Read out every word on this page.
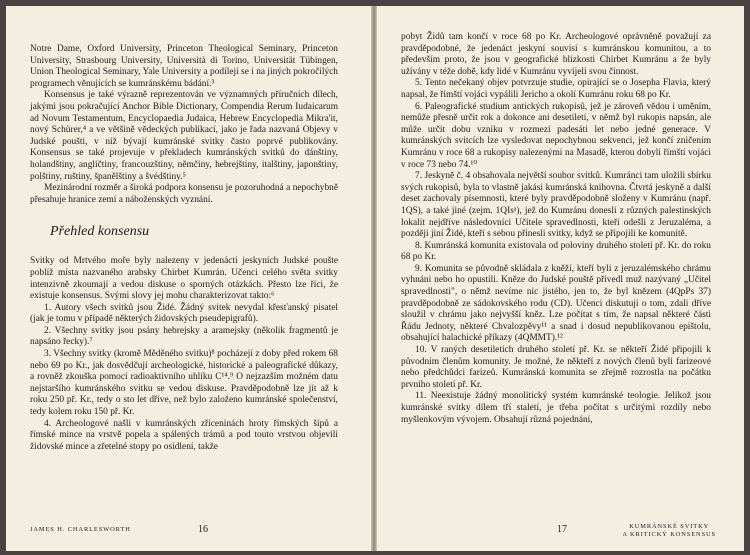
Notre Dame, Oxford University, Princeton Theological Seminary, Princeton University, Strasbourg University, Università di Torino, Universität Tübingen, Union Theological Seminary, Yale University a podílejí se i na jiných pokročilých programech věnujících se kumránskému bádání.³

Konsensus je také výrazně reprezentován ve významných příručních dílech, jakými jsou pokračující Anchor Bible Dictionary, Compendia Rerum Iudaicarum ad Novum Testamentum, Encyclopaedia Judaica, Hebrew Encyclopedia Mikra'it, nový Schürer,⁴ a ve většině vědeckých publikací, jako je řada nazvaná Objevy v Judské poušti, v níž bývají kumránské svitky často poprvé publikovány. Konsensus se také projevuje v překladech kumránských svitků do dánštiny, holandštiny, angličtiny, francouzštiny, němčiny, hebrejštiny, italštiny, japonštiny, polštiny, ruštiny, španělštiny a švédštiny.⁵

Mezinárodní rozměr a široká podpora konsensu je pozoruhodná a nepochybně přesahuje hranice zemí a náboženských vyznání.

Přehled konsensu

Svitky od Mrtvého moře byly nalezeny v jedenácti jeskyních Judské poušte poblíž místa nazvaného arabsky Chirbet Kumrán. Učenci celého světa svitky intenzivně zkoumají a vedou diskuse o sporných otázkách. Přesto lze říci, že existuje konsensus. Svými slovy jej mohu charakterizovat takto:⁶

1. Autory všech svitků jsou Židé. Žádný svitek nevydal křesťanský pisatel (jak je tomu v případě některých židovských pseudepigrafů).

2. Všechny svitky jsou psány hebrejsky a aramejsky (několik fragmentů je napsáno řecky).⁷

3. Všechny svitky (kromě Měděného svitku)⁸ pocházejí z doby před rokem 68 nebo 69 po Kr., jak dosvědčují archeologické, historické a paleografické důkazy, a rovněž zkouška pomocí radioaktivního uhlíku C¹⁴.⁹ O nejzazším možném datu nejstaršího kumránského svitku se vedou diskuse. Pravděpodobně lze jít až k roku 250 př. Kr., tedy o sto let dříve, než bylo založeno kumránské společenství, tedy kolem roku 150 př. Kr.

4. Archeologové našli v kumránských zříceninách hroty římských šípů a římské mince na vrstvě popela a spálených trámů a pod touto vrstvou objevili židovské mince a zřetelné stopy po osídlení, takže

JAMES H. CHARLESWORTH	16

pobyt Židů tam končí v roce 68 po Kr. Archeologové oprávněně považují za pravděpodobné, že jedenáct jeskyní souvisí s kumránskou komunitou, a to především proto, že jsou v geografické blízkosti Chirbet Kumránu a že byly užívány v téže době, kdy lidé v Kumránu vyvíjeli svou činnost.

5. Tento nečekaný objev potvrzuje studie, opírající se o Josepha Flavia, který napsal, že římští vojáci vypálili Jericho a okolí Kumránu roku 68 po Kr.

6. Paleografické studium antických rukopisů, jež je zároveň vědou i uměním, nemůže přesně určit rok a dokonce ani desetiletí, v němž byl rukopis napsán, ale může určit dobu vzniku v rozmezí padesáti let nebo jedné generace. V kumránských svitcích lze vysledovat nepochybnou sekvenci, jež končí zničením Kumránu v roce 68 a rukopisy nalezenými na Masadě, kterou dobyli římští vojáci v roce 73 nebo 74.¹⁰

7. Jeskyně č. 4 obsahovala největší soubor svitků. Kumránci tam uložili sbírku svých rukopisů, byla to vlastně jakási kumránská knihovna. Čtvrtá jeskyně a další deset zachovaly písemnosti, které byly pravděpodobně složeny v Kumránu (např. 1QS), a také jiné (zejm. 1QIsᵃ), jež do Kumránu donesli z různých palestinských lokalit nejdříve následovníci Učitele spravedlnosti, kteří odešli z Jeruzaléma, a později jiní Židé, kteří s sebou přinesli svitky, když se připojili ke komunitě.

8. Kumránská komunita existovala od poloviny druhého století př. Kr. do roku 68 po Kr.

9. Komunita se původně skládala z kněží, kteří byli z jeruzalémského chrámu vyhnáni nebo ho opustili. Kněze do Judské pouště přivedl muž nazývaný „Učitel spravedlnosti", o němž nevíme nic jistého, jen to, že byl knězem (4QpPs 37) pravděpodobně ze sádokovského rodu (CD). Učenci diskutují o tom, zdali dříve sloužil v chrámu jako nejvyšší kněz. Lze počítat s tím, že napsal některé části Řádu Jednoty, některé Chvalozpěvy¹¹ a snad i dosud nepublikovanou epištolu, obsahující halachické příkazy (4QMMT).¹²

10. V raných desetiletích druhého století př. Kr. se někteří Židé připojili k původním členům komunity. Je možné, že někteří z nových členů byli farizeové nebo předchůdci farizeů. Kumránská komunita se zřejmě rozrostla na počátku prvního století př. Kr.

11. Neexistuje žádný monolitický systém kumránské teologie. Jelikož jsou kumránské svitky dílem tří staletí, je třeba počítat s určitými rozdíly nebo myšlenkovým vývojem. Obsahují různá pojednání,

17	KUMRÁNSKÉ SVITKY
A KRITICKÝ KONSENSUS
